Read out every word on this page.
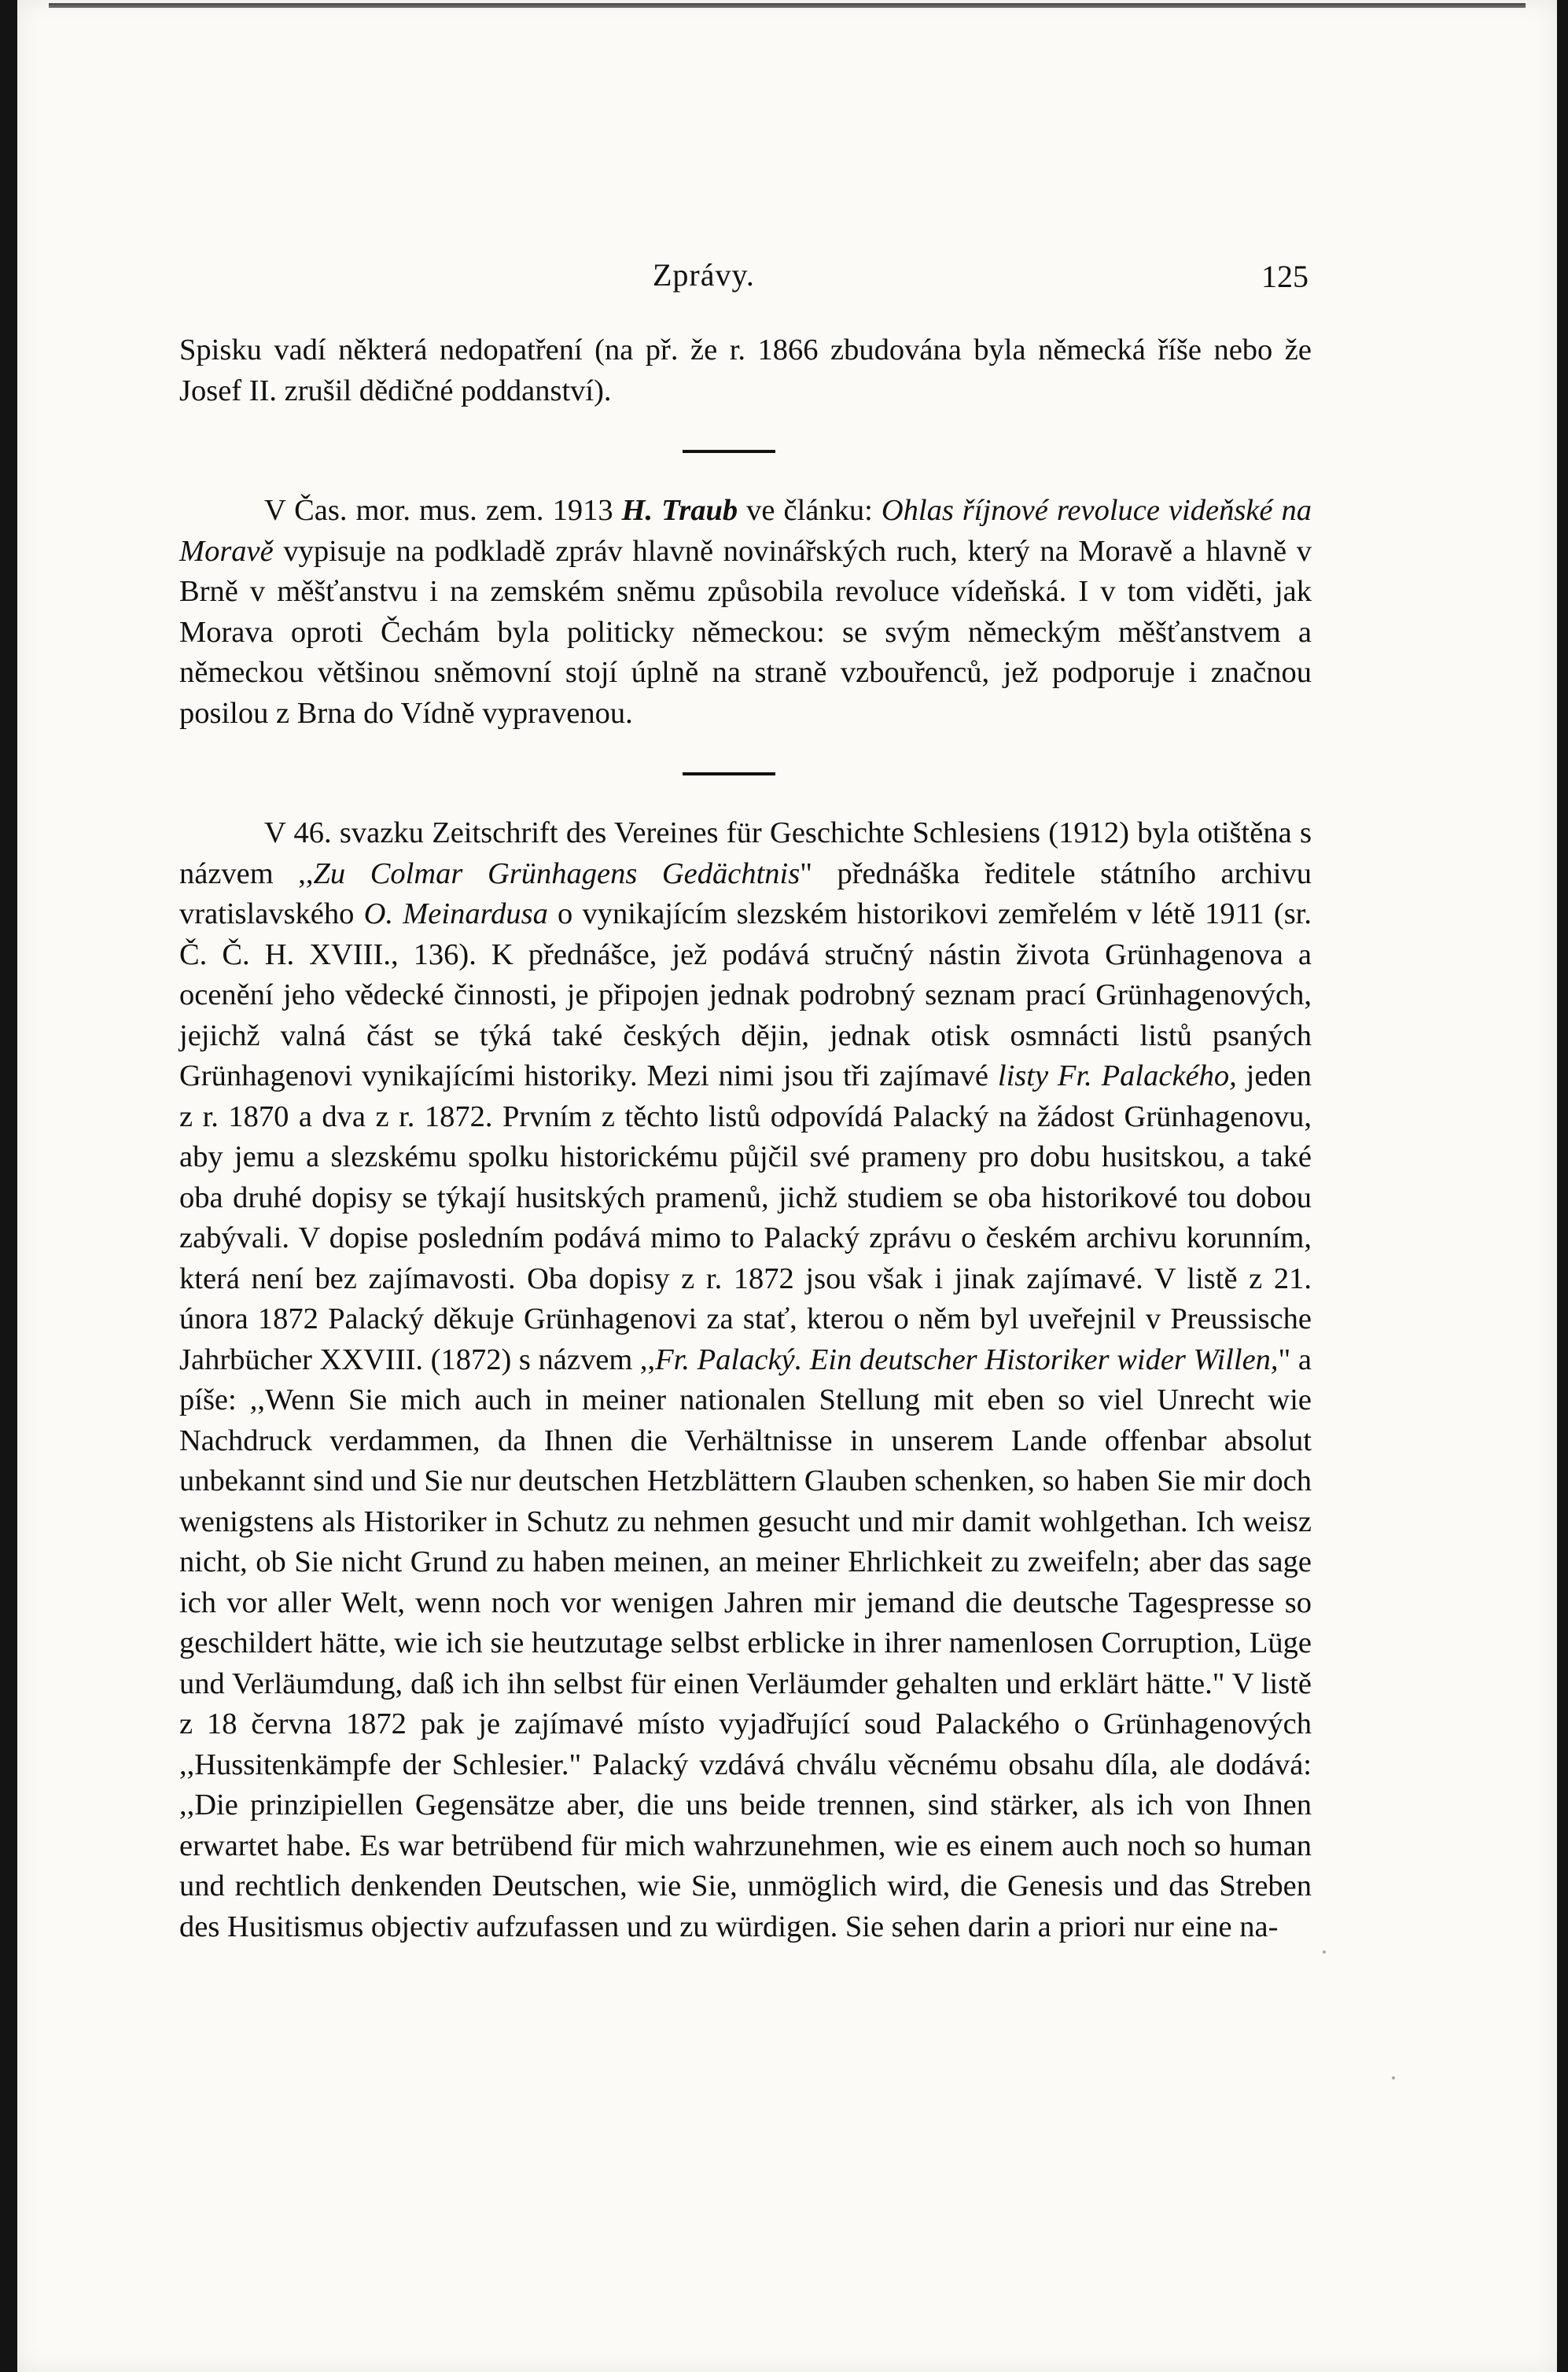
Zprávy.	125

Spisku vadí některá nedopatření (na př. že r. 1866 zbudována byla německá říše nebo že Josef II. zrušil dědičné poddanství).

V Čas. mor. mus. zem. 1913 H. Traub ve článku: Ohlas říjnové revoluce videňské na Moravě vypisuje na podkladě zpráv hlavně novinářských ruch, který na Moravě a hlavně v Brně v měšťanstvu i na zemském sněmu způsobila revoluce vídeňská. I v tom viděti, jak Morava oproti Čechám byla politicky německou: se svým německým měšťanstvem a německou většinou sněmovní stojí úplně na straně vzbouřenců, jež podporuje i značnou posilou z Brna do Vídně vypravenou.

V 46. svazku Zeitschrift des Vereines für Geschichte Schlesiens (1912) byla otištěna s názvem ,,Zu Colmar Grünhagens Gedächtnis" přednáška ředitele státního archivu vratislavského O. Meinardusa o vynikajícím slezském historikovi zemřelém v létě 1911 (sr. Č. Č. H. XVIII., 136). K přednášce, jež podává stručný nástin života Grünhagenova a ocenění jeho vědecké činnosti, je připojen jednak podrobný seznam prací Grünhagenových, jejichž valná část se týká také českých dějin, jednak otisk osmnácti listů psaných Grünhagenovi vynikajícími historiky. Mezi nimi jsou tři zajímavé listy Fr. Palackého, jeden z r. 1870 a dva z r. 1872. Prvním z těchto listů odpovídá Palacký na žádost Grünhagenovu, aby jemu a slezskému spolku historickému půjčil své prameny pro dobu husitskou, a také oba druhé dopisy se týkají husitských pramenů, jichž studiem se oba historikové tou dobou zabývali. V dopise posledním podává mimo to Palacký zprávu o českém archivu korunním, která není bez zajímavosti. Oba dopisy z r. 1872 jsou však i jinak zajímavé. V listě z 21. února 1872 Palacký děkuje Grünhagenovi za stať, kterou o něm byl uveřejnil v Preussische Jahrbücher XXVIII. (1872) s názvem ,,Fr. Palacký. Ein deutscher Historiker wider Willen," a píše: ,,Wenn Sie mich auch in meiner nationalen Stellung mit eben so viel Unrecht wie Nachdruck verdammen, da Ihnen die Verhältnisse in unserem Lande offenbar absolut unbekannt sind und Sie nur deutschen Hetzblättern Glauben schenken, so haben Sie mir doch wenigstens als Historiker in Schutz zu nehmen gesucht und mir damit wohlgethan. Ich weisz nicht, ob Sie nicht Grund zu haben meinen, an meiner Ehrlichkeit zu zweifeln; aber das sage ich vor aller Welt, wenn noch vor wenigen Jahren mir jemand die deutsche Tagespresse so geschildert hätte, wie ich sie heutzutage selbst erblicke in ihrer namenlosen Corruption, Lüge und Verläumdung, daß ich ihn selbst für einen Verläumder gehalten und erklärt hätte." V listě z 18 června 1872 pak je zajímavé místo vyjadřující soud Palackého o Grünhagenových ,,Hussitenkämpfe der Schlesier." Palacký vzdává chválu věcnému obsahu díla, ale dodává: ,,Die prinzipiellen Gegensätze aber, die uns beide trennen, sind stärker, als ich von Ihnen erwartet habe. Es war betrübend für mich wahrzunehmen, wie es einem auch noch so human und rechtlich denkenden Deutschen, wie Sie, unmöglich wird, die Genesis und das Streben des Husitismus objectiv aufzufassen und zu würdigen. Sie sehen darin a priori nur eine na-
